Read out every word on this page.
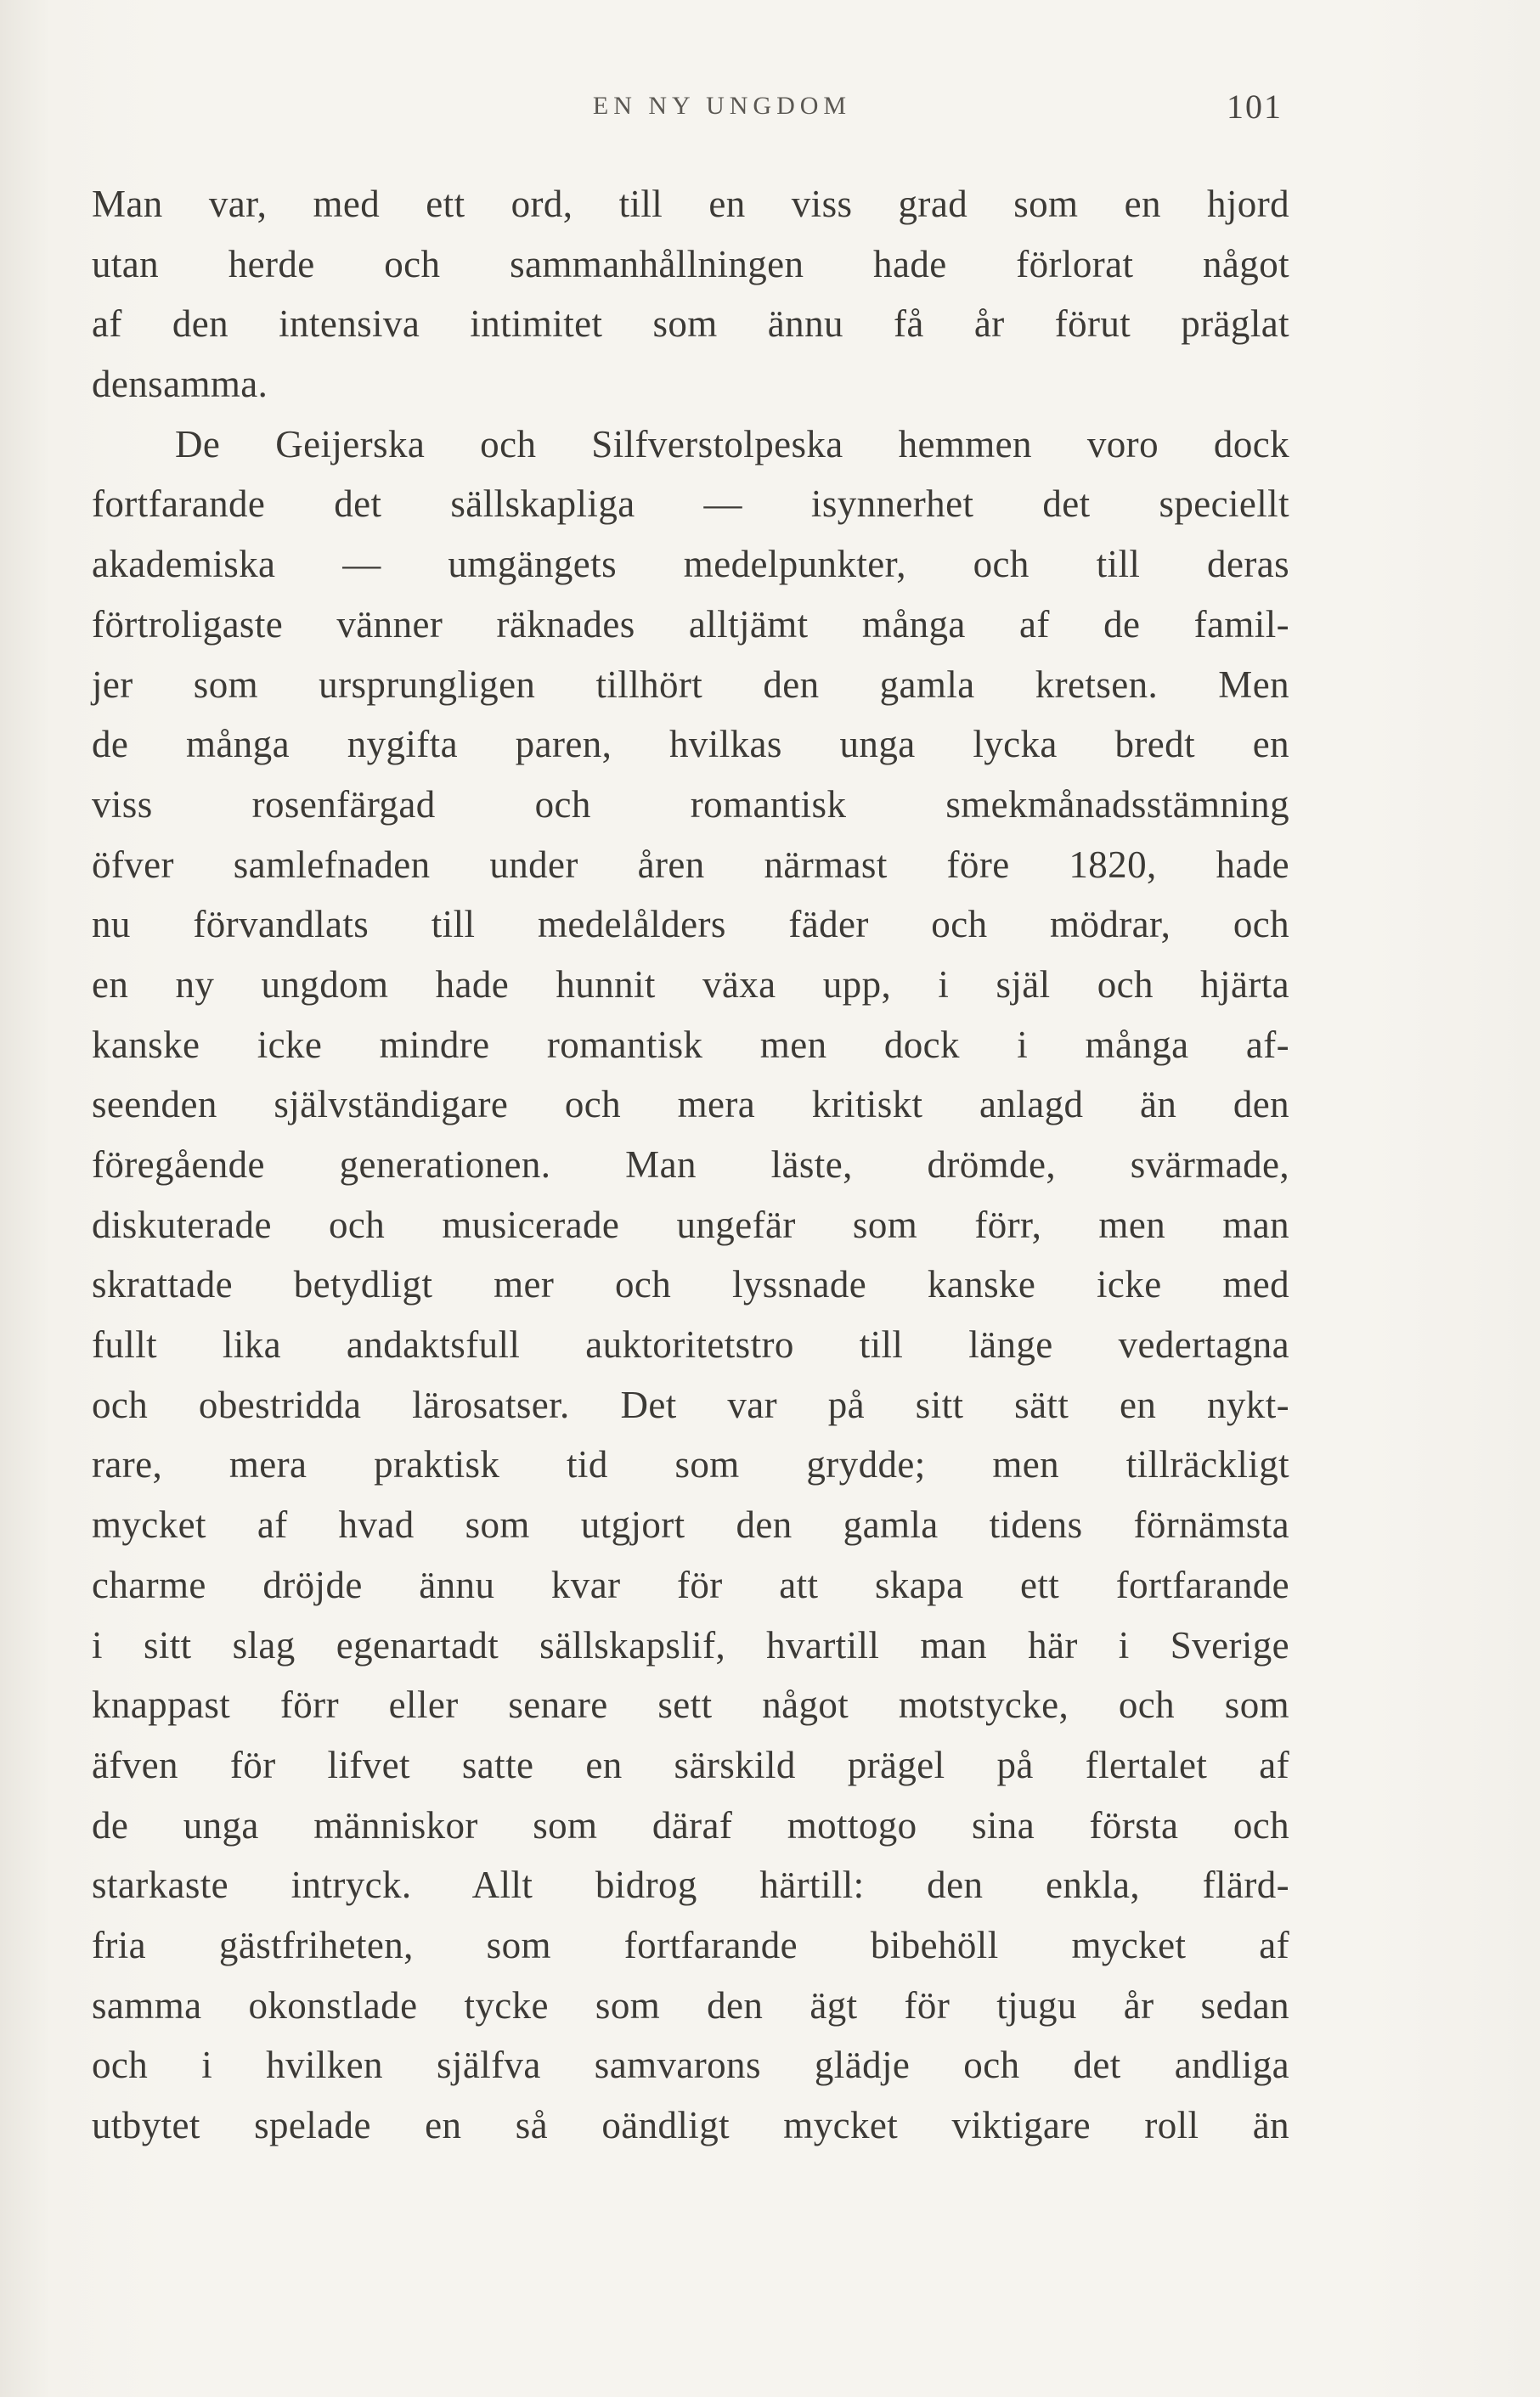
EN NY UNGDOM	101
Man var, med ett ord, till en viss grad som en hjord
utan herde och sammanhållningen hade förlorat något
af den intensiva intimitet som ännu få år förut präglat
densamma.
De Geijerska och Silfverstolpeska hemmen voro dock
fortfarande det sällskapliga — isynnerhet det speciellt
akademiska — umgängets medelpunkter, och till deras
förtroligaste vänner räknades alltjämt många af de famil-
jer som ursprungligen tillhört den gamla kretsen. Men
de många nygifta paren, hvilkas unga lycka bredt en
viss rosenfärgad och romantisk smekmånadsstämning
öfver samlefnaden under åren närmast före 1820, hade
nu förvandlats till medelålders fäder och mödrar, och
en ny ungdom hade hunnit växa upp, i själ och hjärta
kanske icke mindre romantisk men dock i många af-
seenden självständigare och mera kritiskt anlagd än den
föregående generationen. Man läste, drömde, svärmade,
diskuterade och musicerade ungefär som förr, men man
skrattade betydligt mer och lyssnade kanske icke med
fullt lika andaktsfull auktoritetstro till länge vedertagna
och obestridda lärosatser. Det var på sitt sätt en nykt-
rare, mera praktisk tid som grydde; men tillräckligt
mycket af hvad som utgjort den gamla tidens förnämsta
charme dröjde ännu kvar för att skapa ett fortfarande
i sitt slag egenartadt sällskapslif, hvartill man här i Sverige
knappast förr eller senare sett något motstycke, och som
äfven för lifvet satte en särskild prägel på flertalet af
de unga människor som däraf mottogo sina första och
starkaste intryck. Allt bidrog härtill: den enkla, flärd-
fria gästfriheten, som fortfarande bibehöll mycket af
samma okonstlade tycke som den ägt för tjugu år sedan
och i hvilken själfva samvarons glädje och det andliga
utbytet spelade en så oändligt mycket viktigare roll än
